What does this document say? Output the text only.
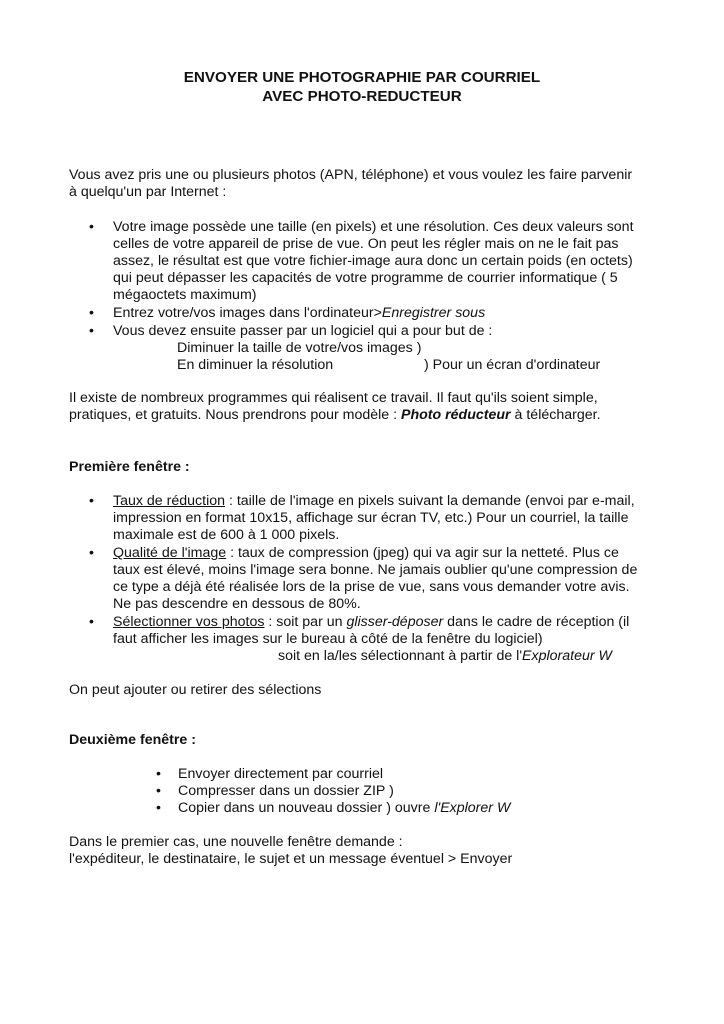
ENVOYER UNE PHOTOGRAPHIE PAR COURRIEL
AVEC PHOTO-REDUCTEUR
Vous avez pris une ou plusieurs photos (APN, téléphone) et vous voulez les faire parvenir
à quelqu'un par Internet :
• Votre image possède une taille (en pixels) et une résolution. Ces deux valeurs sont
celles de votre appareil de prise de vue. On peut les régler mais on ne le fait pas
assez, le résultat est que votre fichier-image aura donc un certain poids (en octets)
qui peut dépasser les capacités de votre programme de courrier informatique ( 5
mégaoctets maximum)
• Entrez votre/vos images dans l'ordinateur>Enregistrer sous
• Vous devez ensuite passer par un logiciel qui a pour but de :
Diminuer la taille de votre/vos images )
En diminuer la résolution	) Pour un écran d'ordinateur
Il existe de nombreux programmes qui réalisent ce travail. Il faut qu'ils soient simple,
pratiques, et gratuits. Nous prendrons pour modèle : Photo réducteur à télécharger.
Première fenêtre :
• Taux de réduction : taille de l'image en pixels suivant la demande (envoi par e-mail,
impression en format 10x15, affichage sur écran TV, etc.) Pour un courriel, la taille
maximale est de 600 à 1 000 pixels.
• Qualité de l'image : taux de compression (jpeg) qui va agir sur la netteté. Plus ce
taux est élevé, moins l'image sera bonne. Ne jamais oublier qu'une compression de
ce type a déjà été réalisée lors de la prise de vue, sans vous demander votre avis.
Ne pas descendre en dessous de 80%.
• Sélectionner vos photos : soit par un glisser-déposer dans le cadre de réception (il
faut afficher les images sur le bureau à côté de la fenêtre du logiciel)
soit en la/les sélectionnant à partir de l'Explorateur W
On peut ajouter ou retirer des sélections
Deuxième fenêtre :
• Envoyer directement par courriel
• Compresser dans un dossier ZIP )
• Copier dans un nouveau dossier ) ouvre l'Explorer W
Dans le premier cas, une nouvelle fenêtre demande :
l'expéditeur, le destinataire, le sujet et un message éventuel > Envoyer
